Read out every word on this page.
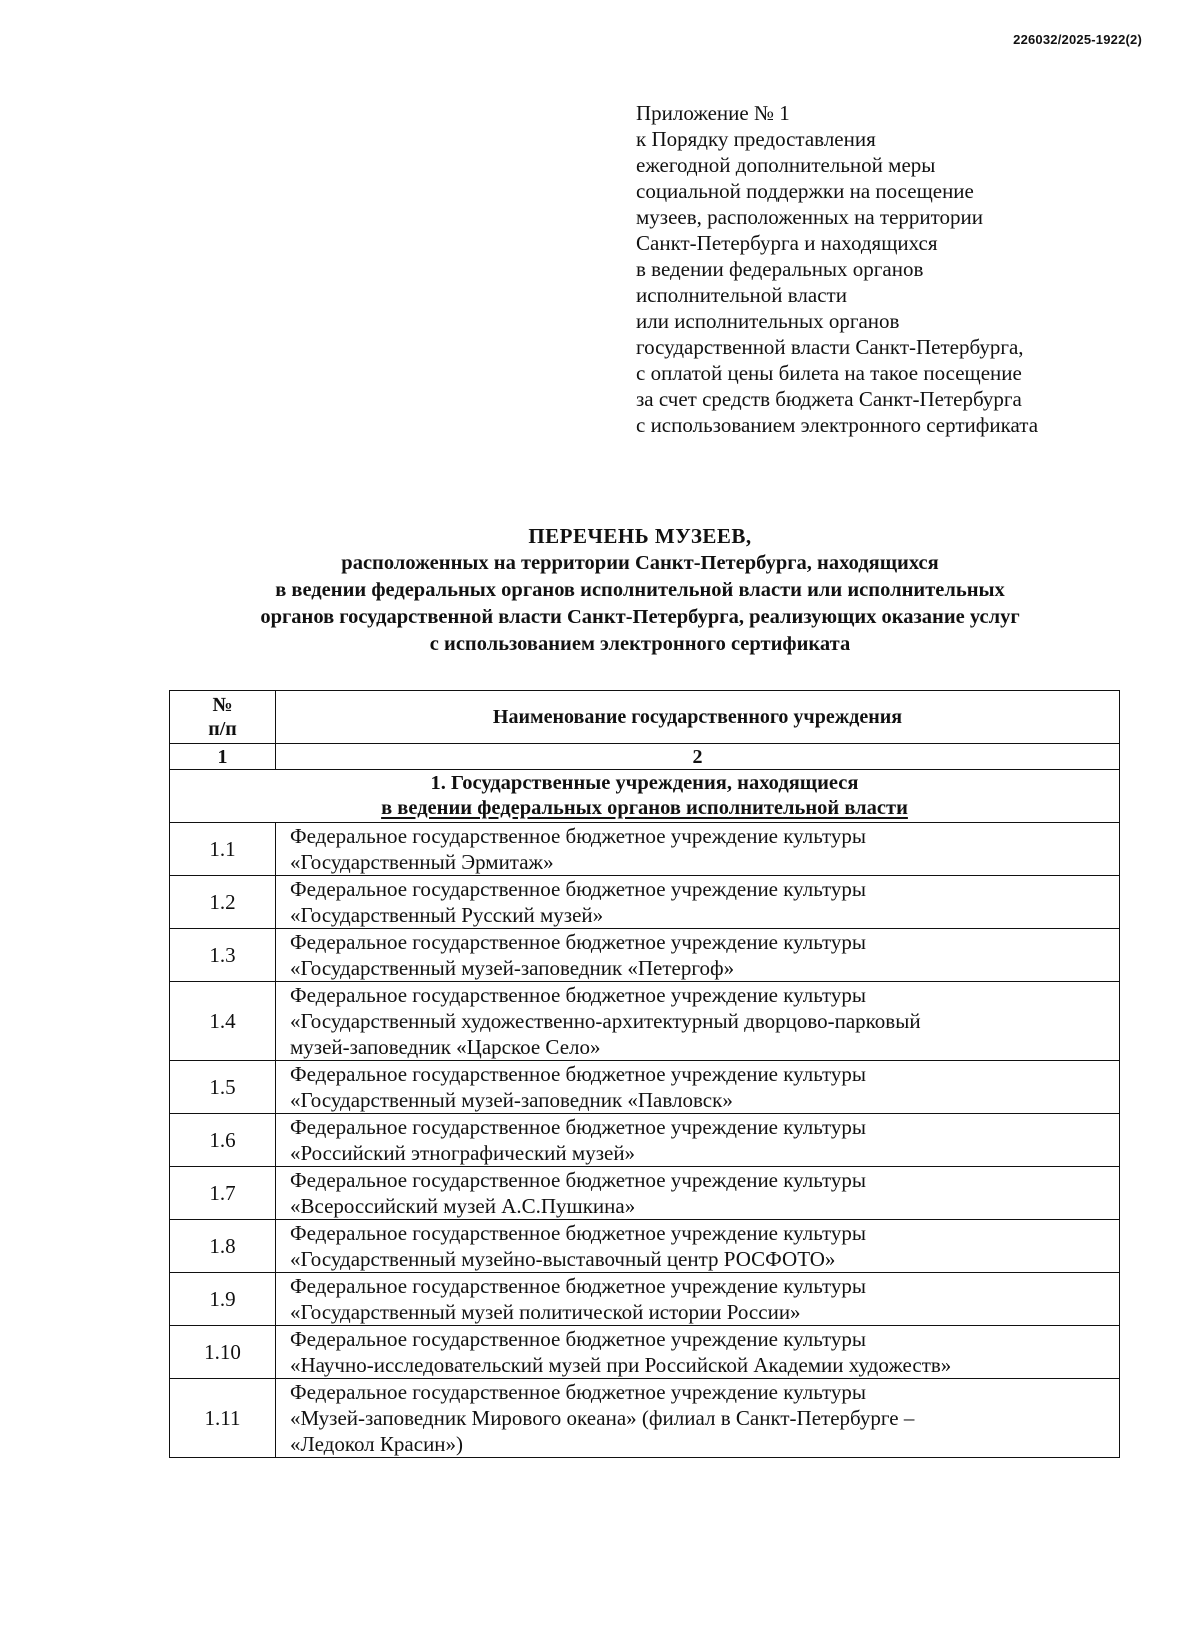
226032/2025-1922(2)
Приложение № 1
к Порядку предоставления
ежегодной дополнительной меры
социальной поддержки на посещение
музеев, расположенных на территории
Санкт-Петербурга и находящихся
в ведении федеральных органов
исполнительной власти
или исполнительных органов
государственной власти Санкт-Петербурга,
с оплатой цены билета на такое посещение
за счет средств бюджета Санкт-Петербурга
с использованием электронного сертификата
ПЕРЕЧЕНЬ МУЗЕЕВ,
расположенных на территории Санкт-Петербурга, находящихся
в ведении федеральных органов исполнительной власти или исполнительных
органов государственной власти Санкт-Петербурга, реализующих оказание услуг
с использованием электронного сертификата
№
п/п	Наименование государственного учреждения
1	2

1. Государственные учреждения, находящиеся
в ведении федеральных органов исполнительной власти	

1.1	Федеральное государственное бюджетное учреждение культуры
«Государственный Эрмитаж»

1.2	Федеральное государственное бюджетное учреждение культуры
«Государственный Русский музей»

1.3	Федеральное государственное бюджетное учреждение культуры
«Государственный музей-заповедник «Петергоф»

1.4	Федеральное государственное бюджетное учреждение культуры
«Государственный художественно-архитектурный дворцово-парковый
музей-заповедник «Царское Село»

1.5	Федеральное государственное бюджетное учреждение культуры
«Государственный музей-заповедник «Павловск»

1.6	Федеральное государственное бюджетное учреждение культуры
«Российский этнографический музей»

1.7	Федеральное государственное бюджетное учреждение культуры
«Всероссийский музей А.С.Пушкина»

1.8	Федеральное государственное бюджетное учреждение культуры
«Государственный музейно-выставочный центр РОСФОТО»

1.9	Федеральное государственное бюджетное учреждение культуры
«Государственный музей политической истории России»

1.10	Федеральное государственное бюджетное учреждение культуры
«Научно-исследовательский музей при Российской Академии художеств»

1.11	Федеральное государственное бюджетное учреждение культуры
«Музей-заповедник Мирового океана» (филиал в Санкт-Петербурге –
«Ледокол Красин»)
